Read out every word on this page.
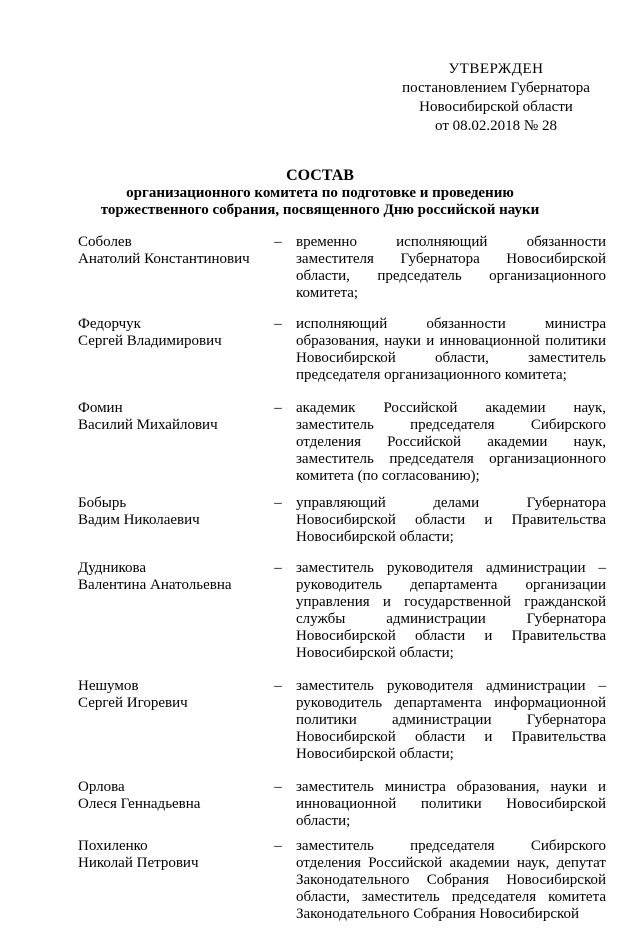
УТВЕРЖДЕН
постановлением Губернатора
Новосибирской области
от 08.02.2018 № 28
СОСТАВ
организационного комитета по подготовке и проведению
торжественного собрания, посвященного Дню российской науки
Соболев
Анатолий Константинович
– временно исполняющий обязанности заместителя Губернатора Новосибирской области, председатель организационного комитета;
Федорчук
Сергей Владимирович
– исполняющий обязанности министра образования, науки и инновационной политики Новосибирской области, заместитель председателя организационного комитета;
Фомин
Василий Михайлович
– академик Российской академии наук, заместитель председателя Сибирского отделения Российской академии наук, заместитель председателя организационного комитета (по согласованию);
Бобырь
Вадим Николаевич
– управляющий делами Губернатора Новосибирской области и Правительства Новосибирской области;
Дудникова
Валентина Анатольевна
– заместитель руководителя администрации – руководитель департамента организации управления и государственной гражданской службы администрации Губернатора Новосибирской области и Правительства Новосибирской области;
Нешумов
Сергей Игоревич
– заместитель руководителя администрации – руководитель департамента информационной политики администрации Губернатора Новосибирской области и Правительства Новосибирской области;
Орлова
Олеся Геннадьевна
– заместитель министра образования, науки и инновационной политики Новосибирской области;
Похиленко
Николай Петрович
– заместитель председателя Сибирского отделения Российской академии наук, депутат Законодательного Собрания Новосибирской области, заместитель председателя комитета Законодательного Собрания Новосибирской
